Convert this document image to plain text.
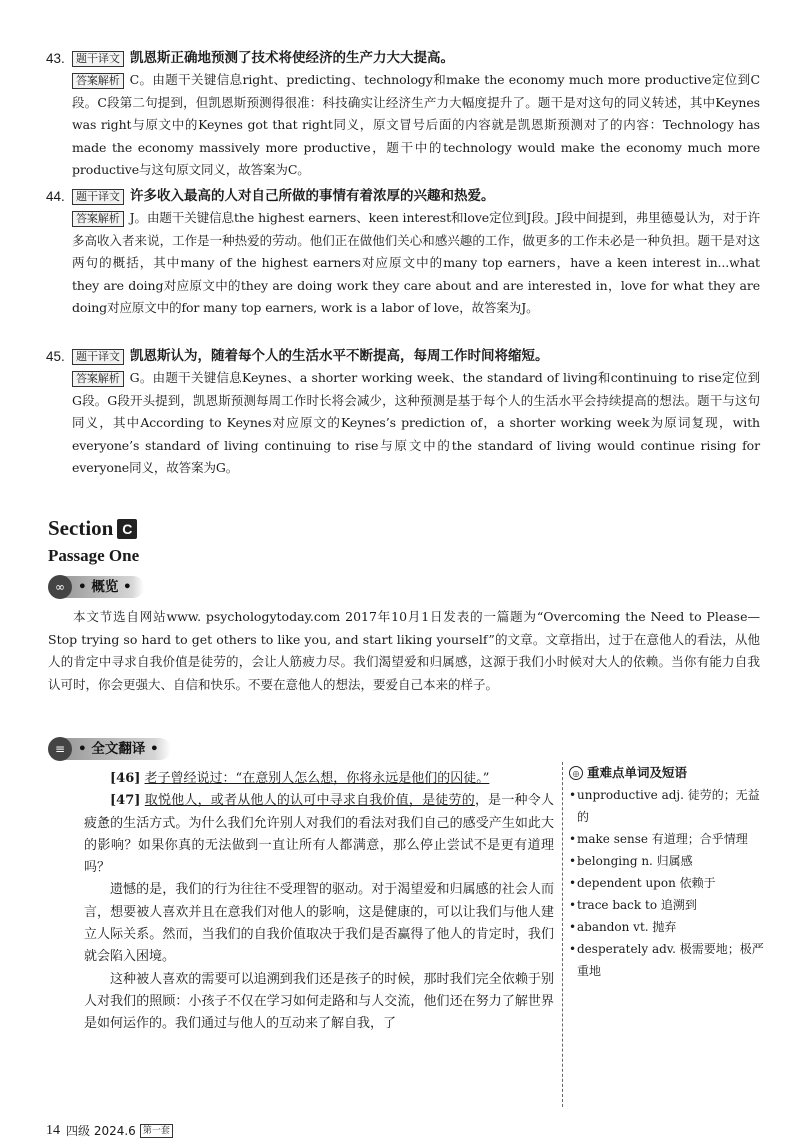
43.	题干译文 凯恩斯正确地预测了技术将使经济的生产力大大提高。
答案解析 C。由题干关键信息right、predicting、technology和make the economy much more productive定位到C段。C段第二句提到，但凯恩斯预测得很准：科技确实让经济生产力大幅度提升了。题干是对这句的同义转述，其中Keynes was right与原文中的Keynes got that right同义，原文冒号后面的内容就是凯恩斯预测对了的内容：Technology has made the economy massively more productive，题干中的technology would make the economy much more productive与这句原文同义，故答案为C。
44.	题干译文 许多收入最高的人对自己所做的事情有着浓厚的兴趣和热爱。
答案解析 J。由题干关键信息the highest earners、keen interest和love定位到J段。J段中间提到，弗里德曼认为，对于许多高收入者来说，工作是一种热爱的劳动。他们正在做他们关心和感兴趣的工作，做更多的工作未必是一种负担。题干是对这两句的概括，其中many of the highest earners对应原文中的many top earners，have a keen interest in...what they are doing对应原文中的they are doing work they care about and are interested in，love for what they are doing对应原文中的for many top earners, work is a labor of love，故答案为J。
45.	题干译文 凯恩斯认为，随着每个人的生活水平不断提高，每周工作时间将缩短。
答案解析 G。由题干关键信息Keynes、a shorter working week、the standard of living和continuing to rise定位到G段。G段开头提到，凯恩斯预测每周工作时长将会减少，这种预测是基于每个人的生活水平会持续提高的想法。题干与这句同义，其中According to Keynes对应原文的Keynes’s prediction of，a shorter working week为原词复现，with everyone’s standard of living continuing to rise与原文中的the standard of living would continue rising for everyone同义，故答案为G。
Section C
Passage One
∞ • 概览 •
本文节选自网站www. psychologytoday.com 2017年10月1日发表的一篇题为“Overcoming the Need to Please—Stop trying so hard to get others to like you, and start liking yourself”的文章。文章指出，过于在意他人的看法，从他人的肯定中寻求自我价值是徒劳的，会让人筋疲力尽。我们渴望爱和归属感，这源于我们小时候对大人的依赖。当你有能力自我认可时，你会更强大、自信和快乐。不要在意他人的想法，要爱自己本来的样子。
≡ • 全文翻译 •

[46] 老子曾经说过：“在意别人怎么想，你将永远是他们的囚徒。”

[47] 取悦他人，或者从他人的认可中寻求自我价值，是徒劳的，是一种令人疲惫的生活方式。为什么我们允许别人对我们的看法对我们自己的感受产生如此大的影响？如果你真的无法做到一直让所有人都满意，那么停止尝试不是更有道理吗？

遗憾的是，我们的行为往往不受理智的驱动。对于渴望爱和归属感的社会人而言，想要被人喜欢并且在意我们对他人的影响，这是健康的，可以让我们与他人建立人际关系。然而，当我们的自我价值取决于我们是否赢得了他人的肯定时，我们就会陷入困境。

这种被人喜欢的需要可以追溯到我们还是孩子的时候，那时我们完全依赖于别人对我们的照顾：小孩子不仅在学习如何走路和与人交流，他们还在努力了解世界是如何运作的。我们通过与他人的互动来了解自我，了

◎ 重难点单词及短语
• unproductive adj. 徒劳的；无益的
• make sense 有道理；合乎情理
• belonging n. 归属感
• dependent upon 依赖于
• trace back to 追溯到
• abandon vt. 抛弃
• desperately adv. 极需要地；极严重地
14 四级 2024.6 第一套
